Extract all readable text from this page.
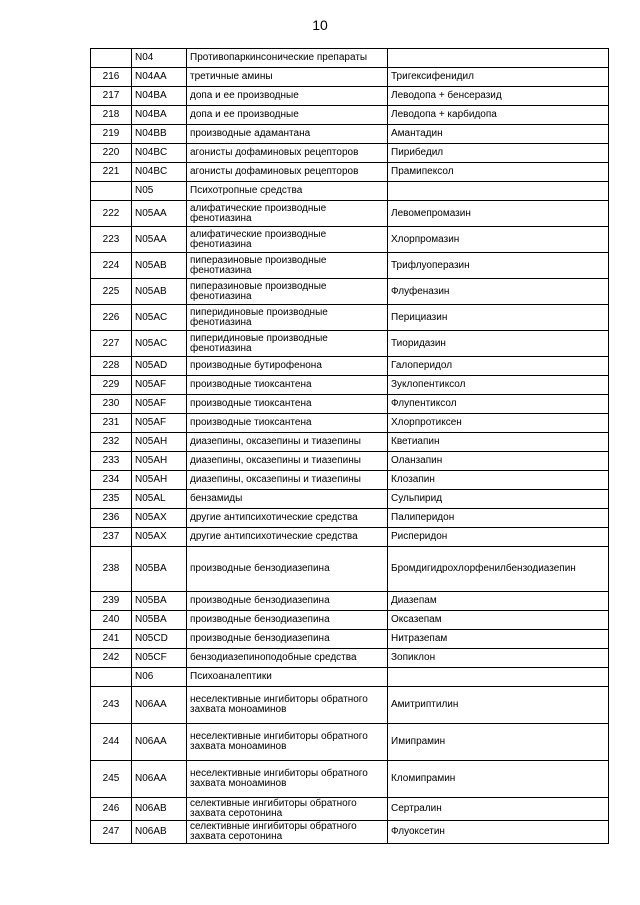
10
	N04	Противопаркинсонические препараты	
216	N04AA	третичные амины	Тригексифенидил
217	N04BA	допа и ее производные	Леводопа + бенсеразид
218	N04BA	допа и ее производные	Леводопа + карбидопа
219	N04BB	производные адамантана	Амантадин
220	N04BC	агонисты дофаминовых рецепторов	Пирибедил
221	N04BC	агонисты дофаминовых рецепторов	Прамипексол
	N05	Психотропные средства	
222	N05AA	алифатические производные фенотиазина	Левомепромазин
223	N05AA	алифатические производные фенотиазина	Хлорпромазин
224	N05AB	пиперазиновые производные фенотиазина	Трифлуоперазин
225	N05AB	пиперазиновые производные фенотиазина	Флуфеназин
226	N05AC	пиперидиновые производные фенотиазина	Перициазин
227	N05AC	пиперидиновые производные фенотиазина	Тиоридазин
228	N05AD	производные бутирофенона	Галоперидол
229	N05AF	производные тиоксантена	Зуклопентиксол
230	N05AF	производные тиоксантена	Флупентиксол
231	N05AF	производные тиоксантена	Хлорпротиксен
232	N05AH	диазепины, оксазепины и тиазепины	Кветиапин
233	N05AH	диазепины, оксазепины и тиазепины	Оланзапин
234	N05AH	диазепины, оксазепины и тиазепины	Клозапин
235	N05AL	бензамиды	Сульпирид
236	N05AX	другие антипсихотические средства	Палиперидон
237	N05AX	другие антипсихотические средства	Рисперидон
238	N05BA	производные бензодиазепина	Бромдигидрохлорфенилбензодиазепин
239	N05BA	производные бензодиазепина	Диазепам
240	N05BA	производные бензодиазепина	Оксазепам
241	N05CD	производные бензодиазепина	Нитразепам
242	N05CF	бензодиазепиноподобные средства	Зопиклон
	N06	Психоаналептики	
243	N06AA	неселективные ингибиторы обратного захвата моноаминов	Амитриптилин
244	N06AA	неселективные ингибиторы обратного захвата моноаминов	Имипрамин
245	N06AA	неселективные ингибиторы обратного захвата моноаминов	Кломипрамин
246	N06AB	селективные ингибиторы обратного захвата серотонина	Сертралин
247	N06AB	селективные ингибиторы обратного захвата серотонина	Флуоксетин
